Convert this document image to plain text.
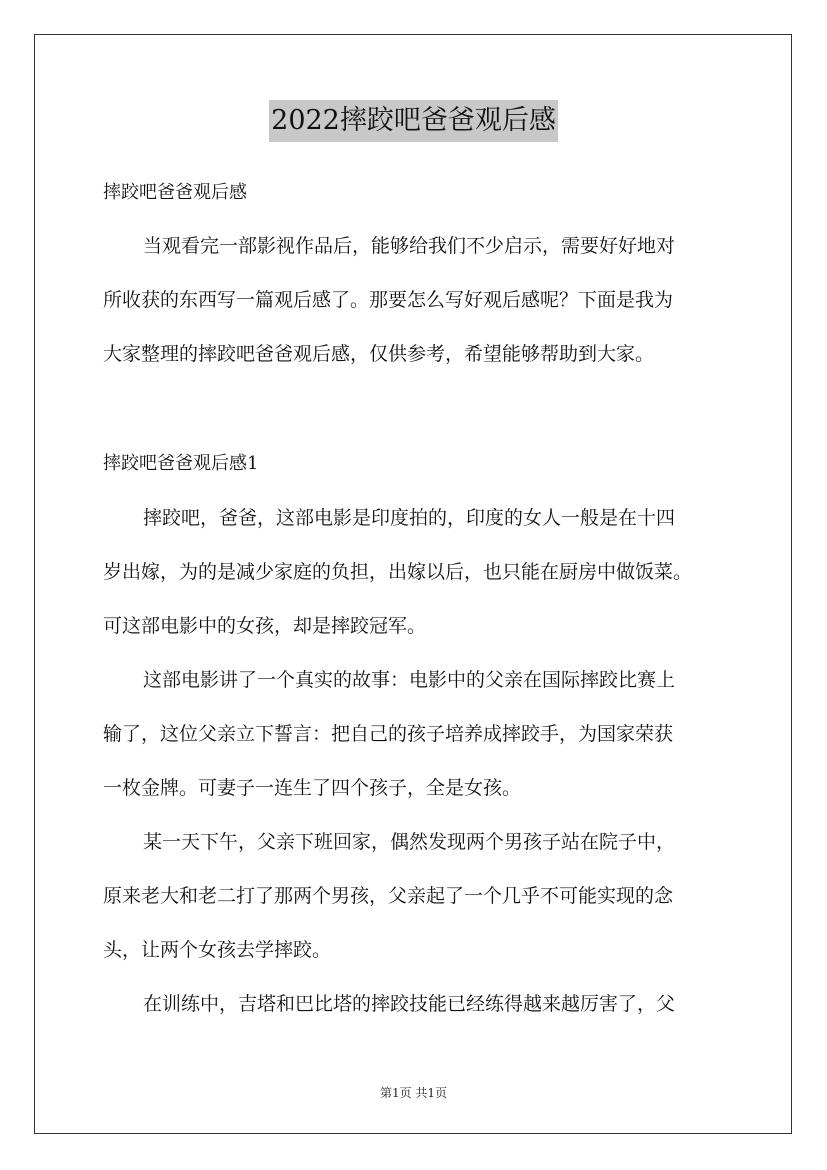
2022摔跤吧爸爸观后感
摔跤吧爸爸观后感
当观看完一部影视作品后，能够给我们不少启示，需要好好地对
所收获的东西写一篇观后感了。那要怎么写好观后感呢？下面是我为
大家整理的摔跤吧爸爸观后感，仅供参考，希望能够帮助到大家。
摔跤吧爸爸观后感1
摔跤吧，爸爸，这部电影是印度拍的，印度的女人一般是在十四
岁出嫁，为的是减少家庭的负担，出嫁以后，也只能在厨房中做饭菜。
可这部电影中的女孩，却是摔跤冠军。
这部电影讲了一个真实的故事：电影中的父亲在国际摔跤比赛上
输了，这位父亲立下誓言：把自己的孩子培养成摔跤手，为国家荣获
一枚金牌。可妻子一连生了四个孩子，全是女孩。
某一天下午，父亲下班回家，偶然发现两个男孩子站在院子中，
原来老大和老二打了那两个男孩，父亲起了一个几乎不可能实现的念
头，让两个女孩去学摔跤。
在训练中，吉塔和巴比塔的摔跤技能已经练得越来越厉害了，父
第1页 共1页
